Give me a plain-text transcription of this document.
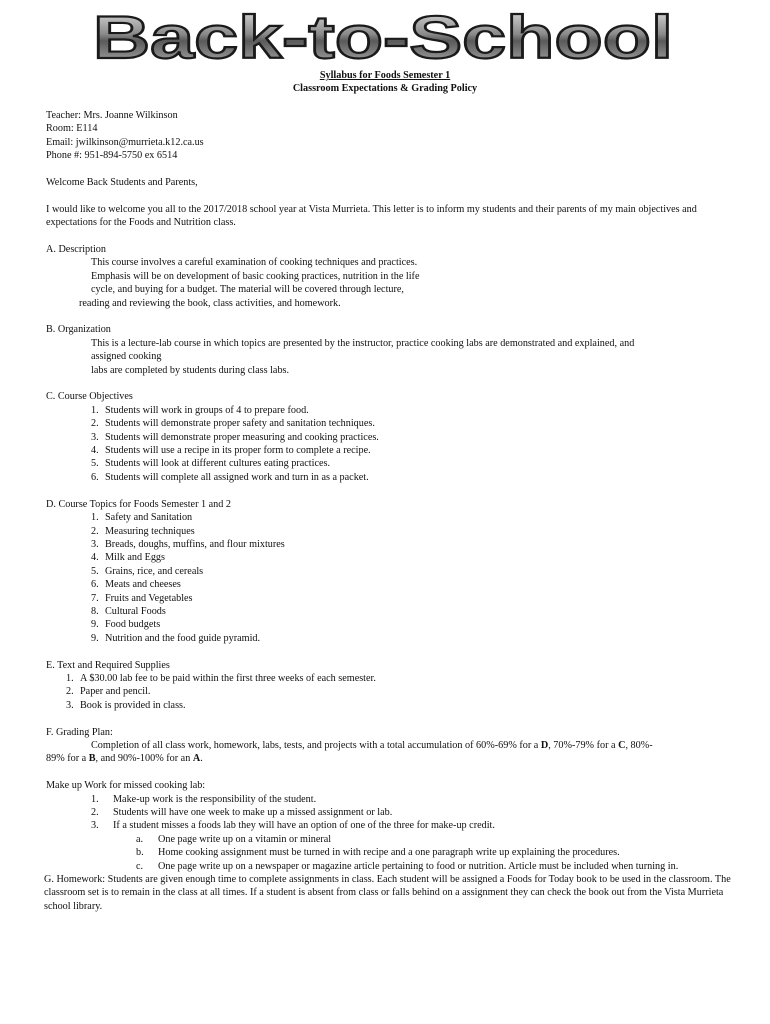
Back-to-School
Syllabus for Foods Semester 1
Classroom Expectations & Grading Policy

Teacher: Mrs. Joanne Wilkinson

Room: E114

Email: jwilkinson@murrieta.k12.ca.us

Phone #: 951-894-5750 ex 6514

Welcome Back Students and Parents,

I would like to welcome you all to the 2017/2018 school year at Vista Murrieta. This letter is to inform my students and their parents of my main objectives and expectations for the Foods and Nutrition class.

A. Description

This course involves a careful examination of cooking techniques and practices.

Emphasis will be on development of basic cooking practices, nutrition in the life

cycle, and buying for a budget. The material will be covered through lecture,

reading and reviewing the book, class activities, and homework.

B. Organization

This is a lecture-lab course in which topics are presented by the instructor, practice cooking labs are demonstrated and explained, and

assigned cooking

labs are completed by students during class labs.

C. Course Objectives

1. Students will work in groups of 4 to prepare food.
2. Students will demonstrate proper safety and sanitation techniques.
3. Students will demonstrate proper measuring and cooking practices.
4. Students will use a recipe in its proper form to complete a recipe.
5. Students will look at different cultures eating practices.
6. Students will complete all assigned work and turn in as a packet.

D. Course Topics for Foods Semester 1 and 2

1. Safety and Sanitation
2. Measuring techniques
3. Breads, doughs, muffins, and flour mixtures
4. Milk and Eggs
5. Grains, rice, and cereals
6. Meats and cheeses
7. Fruits and Vegetables
8. Cultural Foods
9. Food budgets
9. Nutrition and the food guide pyramid.

E. Text and Required Supplies

1. A $30.00 lab fee to be paid within the first three weeks of each semester.
2. Paper and pencil.
3. Book is provided in class.

F. Grading Plan:

Completion of all class work, homework, labs, tests, and projects with a total accumulation of 60%-69% for a D, 70%-79% for a C, 80%-

89% for a B, and 90%-100% for an A.

Make up Work for missed cooking lab:

1.	Make-up work is the responsibility of the student.
2.	Students will have one week to make up a missed assignment or lab.
3.	If a student misses a foods lab they will have an option of one of the three for make-up credit.
a.	One page write up on a vitamin or mineral
b.	Home cooking assignment must be turned in with recipe and a one paragraph write up explaining the procedures.
c.	One page write up on a newspaper or magazine article pertaining to food or nutrition. Article must be included when turning in.

G. Homework: Students are given enough time to complete assignments in class. Each student will be assigned a Foods for Today book to be used in the classroom. The classroom set is to remain in the class at all times. If a student is absent from class or falls behind on a assignment they can check the book out from the Vista Murrieta school library.
